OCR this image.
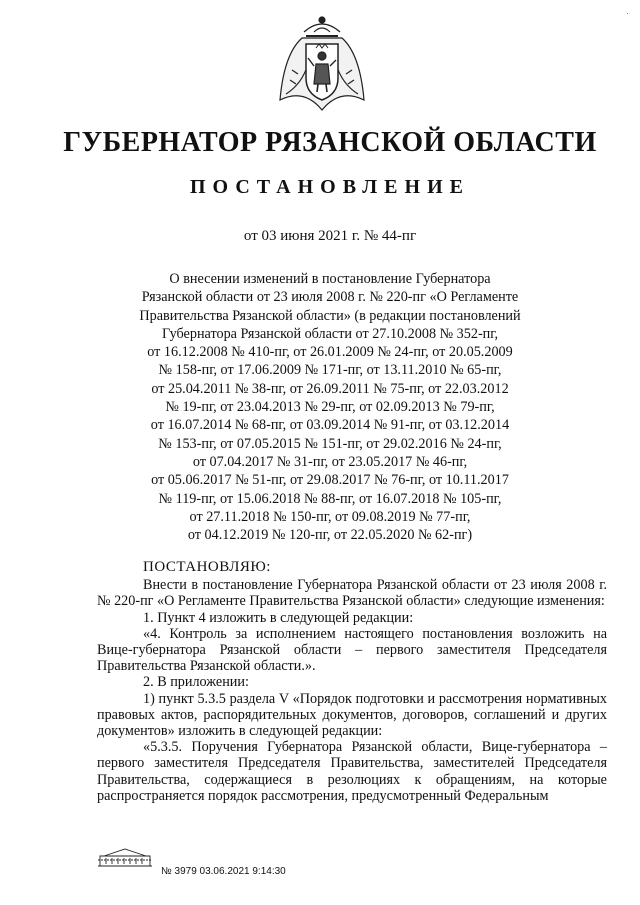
·
ГУБЕРНАТОР РЯЗАНСКОЙ ОБЛАСТИ
ПОСТАНОВЛЕНИЕ
от 03 июня 2021 г. № 44-пг
О внесении изменений в постановление Губернатора
Рязанской области от 23 июля 2008 г. № 220-пг «О Регламенте
Правительства Рязанской области» (в редакции постановлений
Губернатора Рязанской области от 27.10.2008 № 352-пг,
от 16.12.2008 № 410-пг, от 26.01.2009 № 24-пг, от 20.05.2009
№ 158-пг, от 17.06.2009 № 171-пг, от 13.11.2010 № 65-пг,
от 25.04.2011 № 38-пг, от 26.09.2011 № 75-пг, от 22.03.2012
№ 19-пг, от 23.04.2013 № 29-пг, от 02.09.2013 № 79-пг,
от 16.07.2014 № 68-пг, от 03.09.2014 № 91-пг, от 03.12.2014
№ 153-пг, от 07.05.2015 № 151-пг, от 29.02.2016 № 24-пг,
от 07.04.2017 № 31-пг, от 23.05.2017 № 46-пг,
от 05.06.2017 № 51-пг, от 29.08.2017 № 76-пг, от 10.11.2017
№ 119-пг, от 15.06.2018 № 88-пг, от 16.07.2018 № 105-пг,
от 27.11.2018 № 150-пг, от 09.08.2019 № 77-пг,
от 04.12.2019 № 120-пг, от 22.05.2020 № 62-пг)

ПОСТАНОВЛЯЮ:

Внести в постановление Губернатора Рязанской области от 23 июля 2008 г. № 220-пг «О Регламенте Правительства Рязанской области» следующие изменения:

1. Пункт 4 изложить в следующей редакции:

«4. Контроль за исполнением настоящего постановления возложить на Вице-губернатора Рязанской области – первого заместителя Председателя Правительства Рязанской области.».

2. В приложении:

1) пункт 5.3.5 раздела V «Порядок подготовки и рассмотрения нормативных правовых актов, распорядительных документов, договоров, соглашений и других документов» изложить в следующей редакции:

«5.3.5. Поручения Губернатора Рязанской области, Вице-губернатора – первого заместителя Председателя Правительства, заместителей Председателя Правительства, содержащиеся в резолюциях к обращениям, на которые распространяется порядок рассмотрения, предусмотренный Федеральным

№ 3979 03.06.2021 9:14:30
